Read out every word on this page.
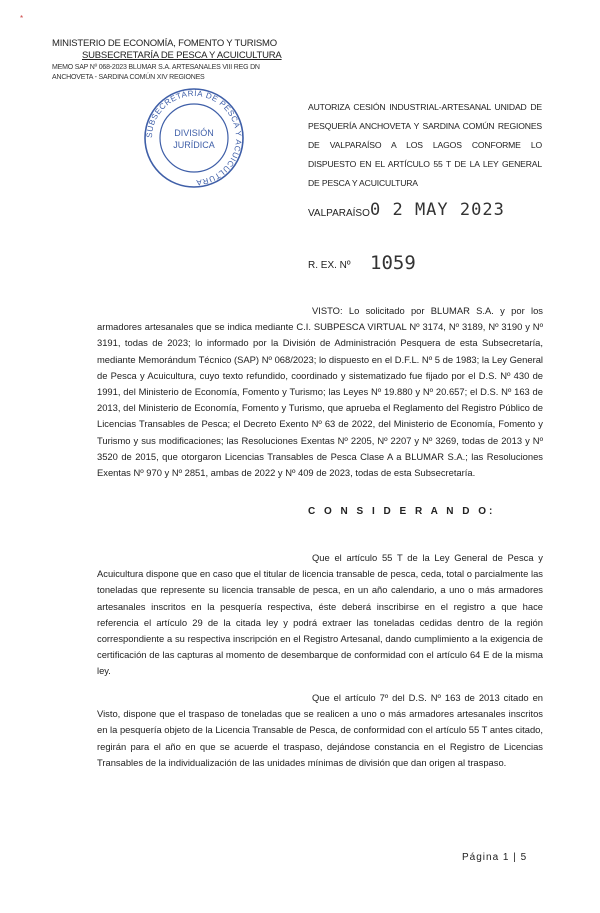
*
MINISTERIO DE ECONOMÍA, FOMENTO Y TURISMO
SUBSECRETARÍA DE PESCA Y ACUICULTURA
MEMO SAP Nº 068-2023 BLUMAR S.A. ARTESANALES VIII REG DN
ANCHOVETA - SARDINA COMÚN XIV REGIONES
SUBSECRETARÍA DE PESCA Y ACUICULTURA
DIVISIÓN
JURÍDICA
AUTORIZA CESIÓN INDUSTRIAL-ARTESANAL UNIDAD DE PESQUERÍA ANCHOVETA Y SARDINA COMÚN REGIONES DE VALPARAÍSO A LOS LAGOS CONFORME LO DISPUESTO EN EL ARTÍCULO 55 T DE LA LEY GENERAL DE PESCA Y ACUICULTURA
VALPARAÍSO 0 2 MAY 2023
R. EX. Nº 1059

VISTO: Lo solicitado por BLUMAR S.A. y por los armadores artesanales que se indica mediante C.I. SUBPESCA VIRTUAL Nº 3174, Nº 3189, Nº 3190 y Nº 3191, todas de 2023; lo informado por la División de Administración Pesquera de esta Subsecretaría, mediante Memorándum Técnico (SAP) Nº 068/2023; lo dispuesto en el D.F.L. Nº 5 de 1983; la Ley General de Pesca y Acuicultura, cuyo texto refundido, coordinado y sistematizado fue fijado por el D.S. Nº 430 de 1991, del Ministerio de Economía, Fomento y Turismo; las Leyes Nº 19.880 y Nº 20.657; el D.S. Nº 163 de 2013, del Ministerio de Economía, Fomento y Turismo, que aprueba el Reglamento del Registro Público de Licencias Transables de Pesca; el Decreto Exento Nº 63 de 2022, del Ministerio de Economía, Fomento y Turismo y sus modificaciones; las Resoluciones Exentas Nº 2205, Nº 2207 y Nº 3269, todas de 2013 y Nº 3520 de 2015, que otorgaron Licencias Transables de Pesca Clase A a BLUMAR S.A.; las Resoluciones Exentas Nº 970 y Nº 2851, ambas de 2022 y Nº 409 de 2023, todas de esta Subsecretaría.

C O N S I D E R A N D O:

Que el artículo 55 T de la Ley General de Pesca y Acuicultura dispone que en caso que el titular de licencia transable de pesca, ceda, total o parcialmente las toneladas que represente su licencia transable de pesca, en un año calendario, a uno o más armadores artesanales inscritos en la pesquería respectiva, éste deberá inscribirse en el registro a que hace referencia el artículo 29 de la citada ley y podrá extraer las toneladas cedidas dentro de la región correspondiente a su respectiva inscripción en el Registro Artesanal, dando cumplimiento a la exigencia de certificación de las capturas al momento de desembarque de conformidad con el artículo 64 E de la misma ley.

Que el artículo 7º del D.S. Nº 163 de 2013 citado en Visto, dispone que el traspaso de toneladas que se realicen a uno o más armadores artesanales inscritos en la pesquería objeto de la Licencia Transable de Pesca, de conformidad con el artículo 55 T antes citado, regirán para el año en que se acuerde el traspaso, dejándose constancia en el Registro de Licencias Transables de la individualización de las unidades mínimas de división que dan origen al traspaso.

Página 1 | 5
